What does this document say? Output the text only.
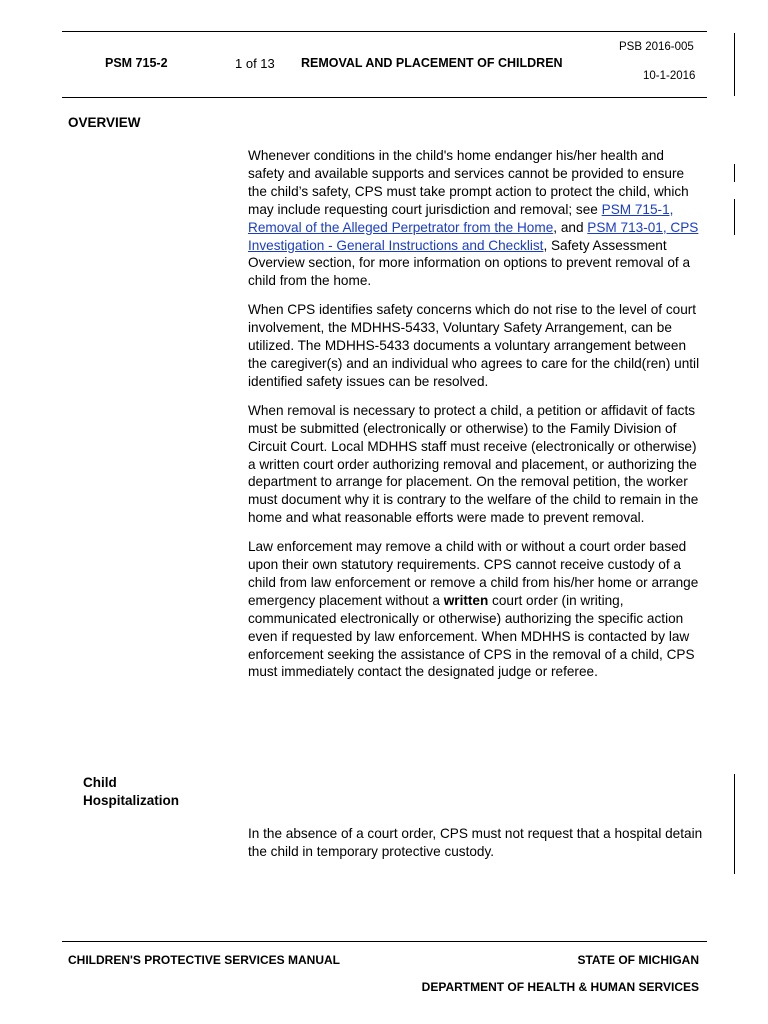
PSM 715-2	1 of 13 REMOVAL AND PLACEMENT OF CHILDREN
PSB 2016-005
10-1-2016
OVERVIEW
Child
Hospitalization

Whenever conditions in the child's home endanger his/her health and safety and available supports and services cannot be provided to ensure the child’s safety, CPS must take prompt action to protect the child, which may include requesting court jurisdiction and removal; see PSM 715-1, Removal of the Alleged Perpetrator from the Home, and PSM 713-01, CPS Investigation - General Instructions and Checklist, Safety Assessment Overview section, for more information on options to prevent removal of a child from the home.

When CPS identifies safety concerns which do not rise to the level of court involvement, the MDHHS-5433, Voluntary Safety Arrangement, can be utilized. The MDHHS-5433 documents a voluntary arrangement between the caregiver(s) and an individual who agrees to care for the child(ren) until identified safety issues can be resolved.

When removal is necessary to protect a child, a petition or affidavit of facts must be submitted (electronically or otherwise) to the Family Division of Circuit Court. Local MDHHS staff must receive (electronically or otherwise) a written court order authorizing removal and placement, or authorizing the department to arrange for placement. On the removal petition, the worker must document why it is contrary to the welfare of the child to remain in the home and what reasonable efforts were made to prevent removal.

Law enforcement may remove a child with or without a court order based upon their own statutory requirements. CPS cannot receive custody of a child from law enforcement or remove a child from his/her home or arrange emergency placement without a written court order (in writing, communicated electronically or otherwise) authorizing the specific action even if requested by law enforcement. When MDHHS is contacted by law enforcement seeking the assistance of CPS in the removal of a child, CPS must immediately contact the designated judge or referee.

In the absence of a court order, CPS must not request that a hospital detain the child in temporary protective custody.

CHILDREN'S PROTECTIVE SERVICES MANUAL	STATE OF MICHIGAN
DEPARTMENT OF HEALTH & HUMAN SERVICES
